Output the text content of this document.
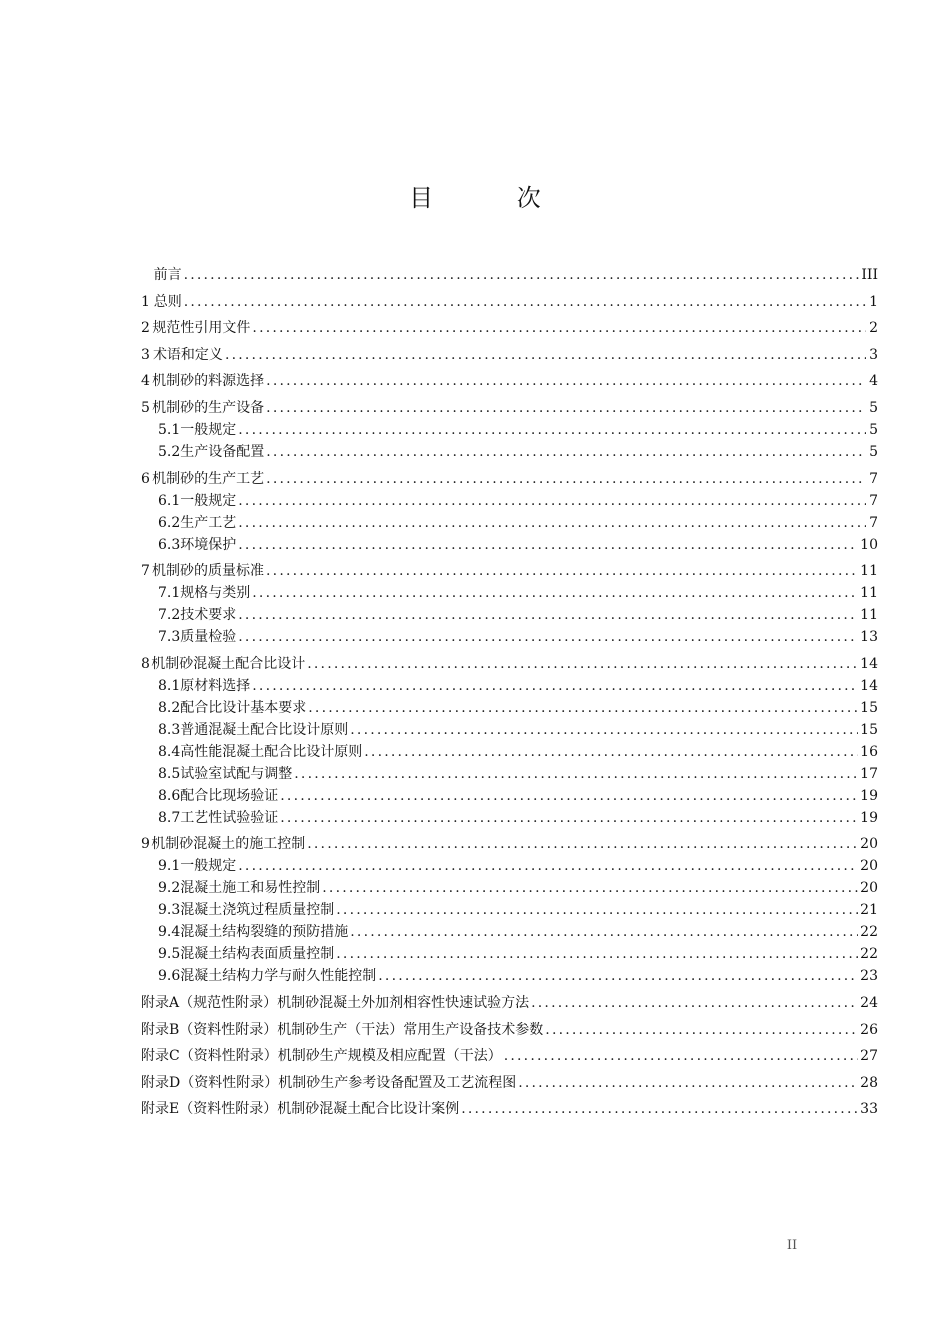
目 次
前言 .....	III
1 总则 .....	1
2 规范性引用文件 .....	2
3 术语和定义 .....	3
4 机制砂的料源选择 .....	4
5 机制砂的生产设备 .....	5
5.1 一般规定 .....	5
5.2 生产设备配置 .....	5
6 机制砂的生产工艺 .....	7
6.1 一般规定 .....	7
6.2 生产工艺 .....	7
6.3 环境保护 .....	10
7 机制砂的质量标准 .....	11
7.1 规格与类别 .....	11
7.2 技术要求 .....	11
7.3 质量检验 .....	13
8 机制砂混凝土配合比设计 .....	14
8.1 原材料选择 .....	14
8.2 配合比设计基本要求 .....	15
8.3 普通混凝土配合比设计原则 .....	15
8.4 高性能混凝土配合比设计原则 .....	16
8.5 试验室试配与调整 .....	17
8.6 配合比现场验证 .....	19
8.7 工艺性试验验证 .....	19
9 机制砂混凝土的施工控制 .....	20
9.1 一般规定 .....	20
9.2 混凝土施工和易性控制 .....	20
9.3 混凝土浇筑过程质量控制 .....	21
9.4 混凝土结构裂缝的预防措施 .....	22
9.5 混凝土结构表面质量控制 .....	22
9.6 混凝土结构力学与耐久性能控制 .....	23
附录A（规范性附录） 机制砂混凝土外加剂相容性快速试验方法 .....	24
附录B（资料性附录） 机制砂生产（干法）常用生产设备技术参数 .....	26
附录C（资料性附录） 机制砂生产规模及相应配置（干法） .....	27
附录D（资料性附录） 机制砂生产参考设备配置及工艺流程图 .....	28
附录E（资料性附录） 机制砂混凝土配合比设计案例 .....	33
II
